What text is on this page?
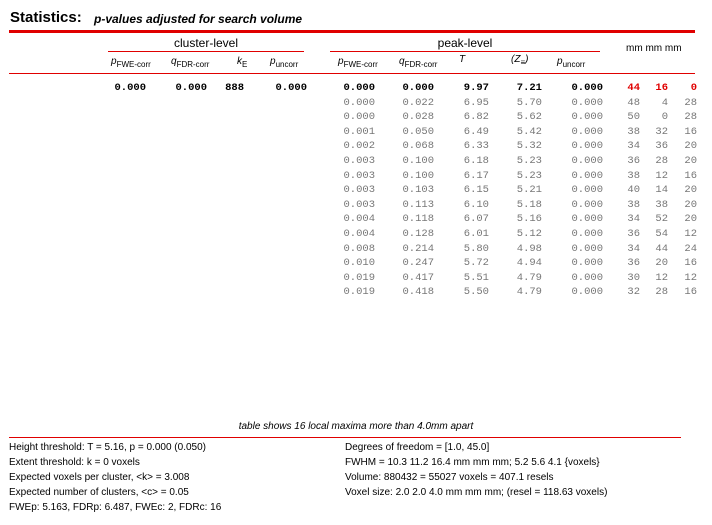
Statistics: p-values adjusted for search volume
cluster-level	peak-level
$p_{FWE-corr}$ $q_{FDR-corr}$	$k_E$ $p_{uncorr}$	$p_{FWE-corr}$ $q_{FDR-corr}$ T	$(Z_\equiv)$	$p_{uncorr}$
mm mm mm
0.000	0.000 888	0.000	0.000	0.000	9.97	7.21	0.000 44 16 0
0.000	0.022	6.95	5.70	0.000 48 4 28
0.000	0.028	6.82	5.62	0.000 50 0 28
0.001	0.050	6.49	5.42	0.000 38 32 16
0.002	0.068	6.33	5.32	0.000 34 36 20
0.003	0.100	6.18	5.23	0.000 36 28 20
0.003	0.100	6.17	5.23	0.000 38 12 16
0.003	0.103	6.15	5.21	0.000 40 14 20
0.003	0.113	6.10	5.18	0.000 38 38 20
0.004	0.118	6.07	5.16	0.000 34 52 20
0.004	0.128	6.01	5.12	0.000 36 54 12
0.008	0.214	5.80	4.98	0.000 34 44 24
0.010	0.247	5.72	4.94	0.000 36 20 16
0.019	0.417	5.51	4.79	0.000 30 12 12
0.019	0.418	5.50	4.79	0.000 32 28 16
table shows 16 local maxima more than 4.0mm apart
Height threshold: T = 5.16, p = 0.000 (0.050)
Extent threshold: k = 0 voxels
Expected voxels per cluster, <k> = 3.008
Expected number of clusters, <c> = 0.05
FWEp: 5.163, FDRp: 6.487, FWEc: 2, FDRc: 16
Degrees of freedom = [1.0, 45.0]
FWHM = 10.3 11.2 16.4 mm mm mm; 5.2 5.6 4.1 {voxels}
Volume: 880432 = 55027 voxels = 407.1 resels
Voxel size: 2.0 2.0 4.0 mm mm mm; (resel = 118.63 voxels)
